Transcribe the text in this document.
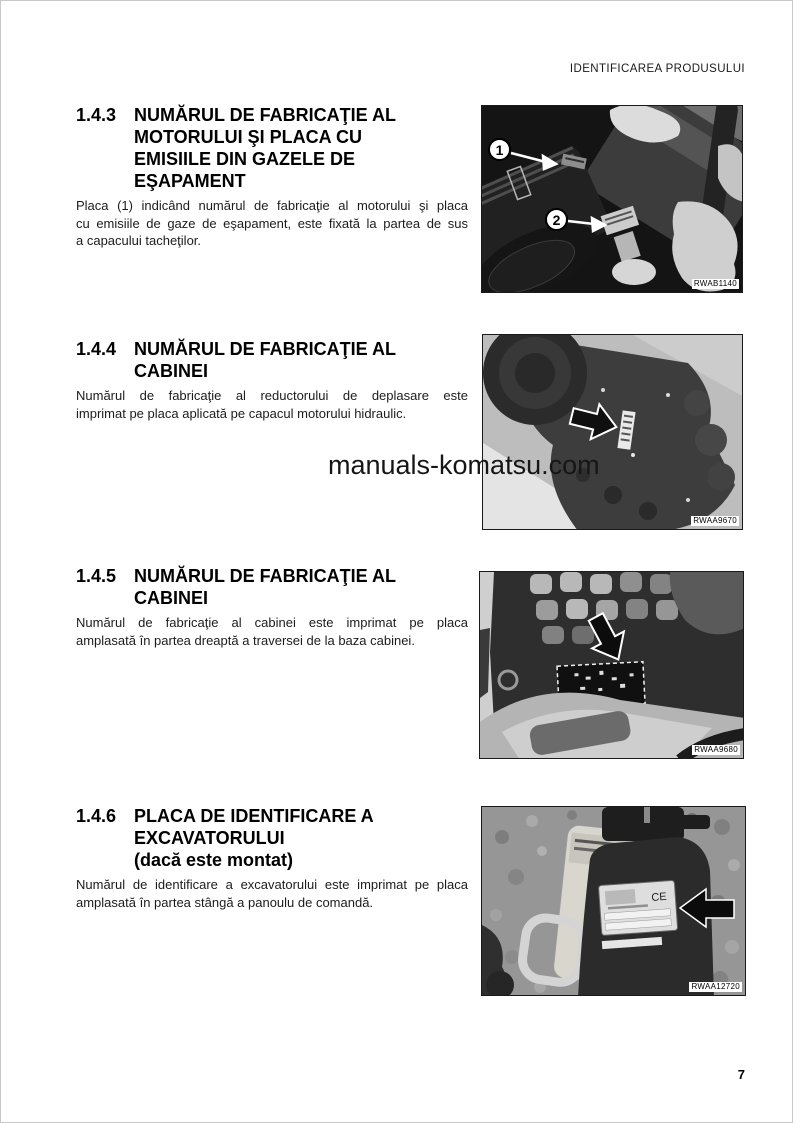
IDENTIFICAREA PRODUSULUI
1.4.3 NUMĂRUL DE FABRICAŢIE AL
MOTORULUI ŞI PLACA CU
EMISIILE DIN GAZELE DE
EŞAPAMENT
Placa (1) indicând numărul de fabricaţie al motorului şi placa
cu emisiile de gaze de eşapament, este fixată la partea de sus
a capacului tacheţilor.
1
2
RWAB1140
1.4.4 NUMĂRUL DE FABRICAŢIE AL
CABINEI
Numărul de fabricaţie al reductorului de deplasare este
imprimat pe placa aplicată pe capacul motorului hidraulic.
RWAA9670
manuals-komatsu.com
1.4.5 NUMĂRUL DE FABRICAŢIE AL
CABINEI
Numărul de fabricaţie al cabinei este imprimat pe placa
amplasată în partea dreaptă a traversei de la baza cabinei.
RWAA9680
1.4.6 PLACA DE IDENTIFICARE A
EXCAVATORULUI
(dacă este montat)
Numărul de identificare a excavatorului este imprimat pe placa
amplasată în partea stângă a panoulu de comandă.	CE
RWAA12720
7
